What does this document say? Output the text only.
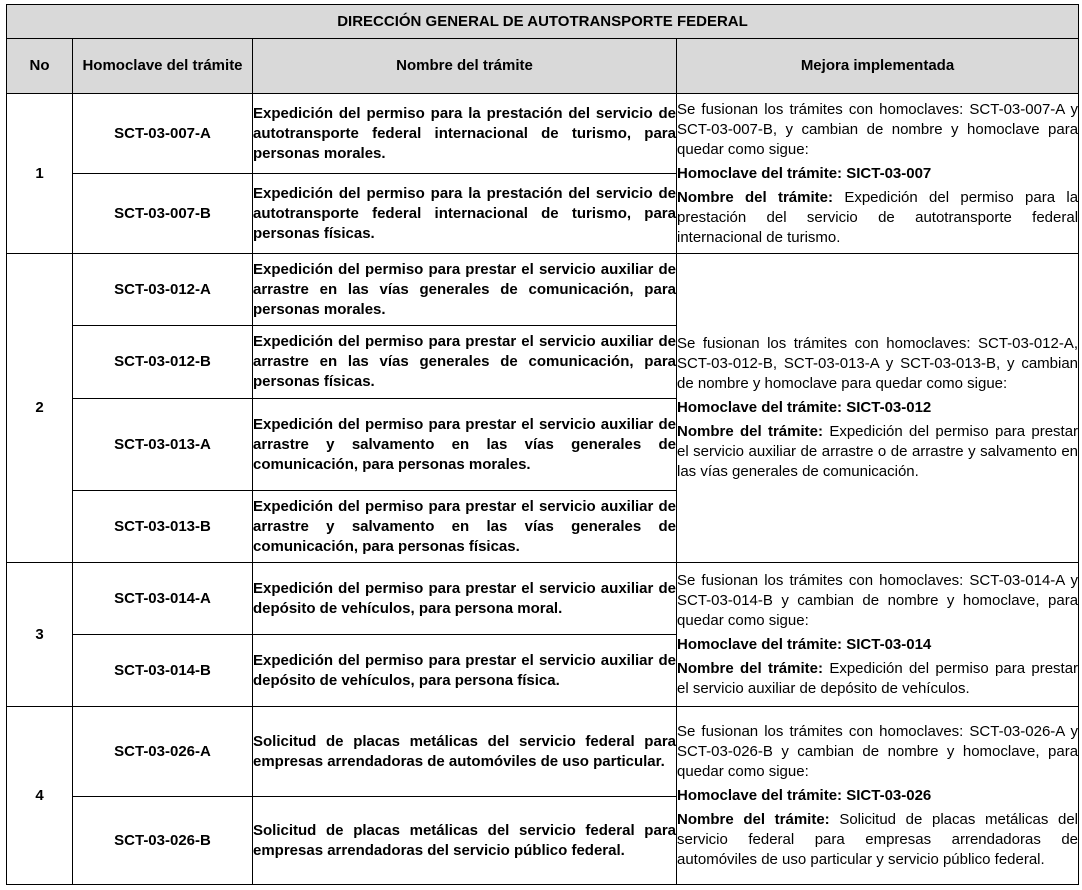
DIRECCIÓN GENERAL DE AUTOTRANSPORTE FEDERAL			
No	Homoclave del trámite	Nombre del trámite	Mejora implementada
1	SCT-03-007-A	Expedición del permiso para la prestación del servicio de autotransporte federal internacional de turismo, para personas morales.	Se fusionan los trámites con homoclaves: SCT-03-007-A y SCT-03-007-B, y cambian de nombre y homoclave para quedar como sigue:

Homoclave del trámite: SICT-03-007

Nombre del trámite: Expedición del permiso para la prestación del servicio de autotransporte federal internacional de turismo.

	SCT-03-007-B	Expedición del permiso para la prestación del servicio de autotransporte federal internacional de turismo, para personas físicas.	
2	SCT-03-012-A	Expedición del permiso para prestar el servicio auxiliar de arrastre en las vías generales de comunicación, para personas morales.	Se fusionan los trámites con homoclaves: SCT-03-012-A, SCT-03-012-B, SCT-03-013-A y SCT-03-013-B, y cambian de nombre y homoclave para quedar como sigue:

Homoclave del trámite: SICT-03-012

Nombre del trámite: Expedición del permiso para prestar el servicio auxiliar de arrastre o de arrastre y salvamento en las vías generales de comunicación.

	SCT-03-012-B	Expedición del permiso para prestar el servicio auxiliar de arrastre en las vías generales de comunicación, para personas físicas.	
	SCT-03-013-A	Expedición del permiso para prestar el servicio auxiliar de arrastre y salvamento en las vías generales de comunicación, para personas morales.	
	SCT-03-013-B	Expedición del permiso para prestar el servicio auxiliar de arrastre y salvamento en las vías generales de comunicación, para personas físicas.	
3	SCT-03-014-A	Expedición del permiso para prestar el servicio auxiliar de depósito de vehículos, para persona moral.	Se fusionan los trámites con homoclaves: SCT-03-014-A y SCT-03-014-B y cambian de nombre y homoclave, para quedar como sigue:

Homoclave del trámite: SICT-03-014

Nombre del trámite: Expedición del permiso para prestar el servicio auxiliar de depósito de vehículos.

	SCT-03-014-B	Expedición del permiso para prestar el servicio auxiliar de depósito de vehículos, para persona física.	
4	SCT-03-026-A	Solicitud de placas metálicas del servicio federal para empresas arrendadoras de automóviles de uso particular.	Se fusionan los trámites con homoclaves: SCT-03-026-A y SCT-03-026-B y cambian de nombre y homoclave, para quedar como sigue:

Homoclave del trámite: SICT-03-026

Nombre del trámite: Solicitud de placas metálicas del servicio federal para empresas arrendadoras de automóviles de uso particular y servicio público federal.

	SCT-03-026-B	Solicitud de placas metálicas del servicio federal para empresas arrendadoras del servicio público federal.	
